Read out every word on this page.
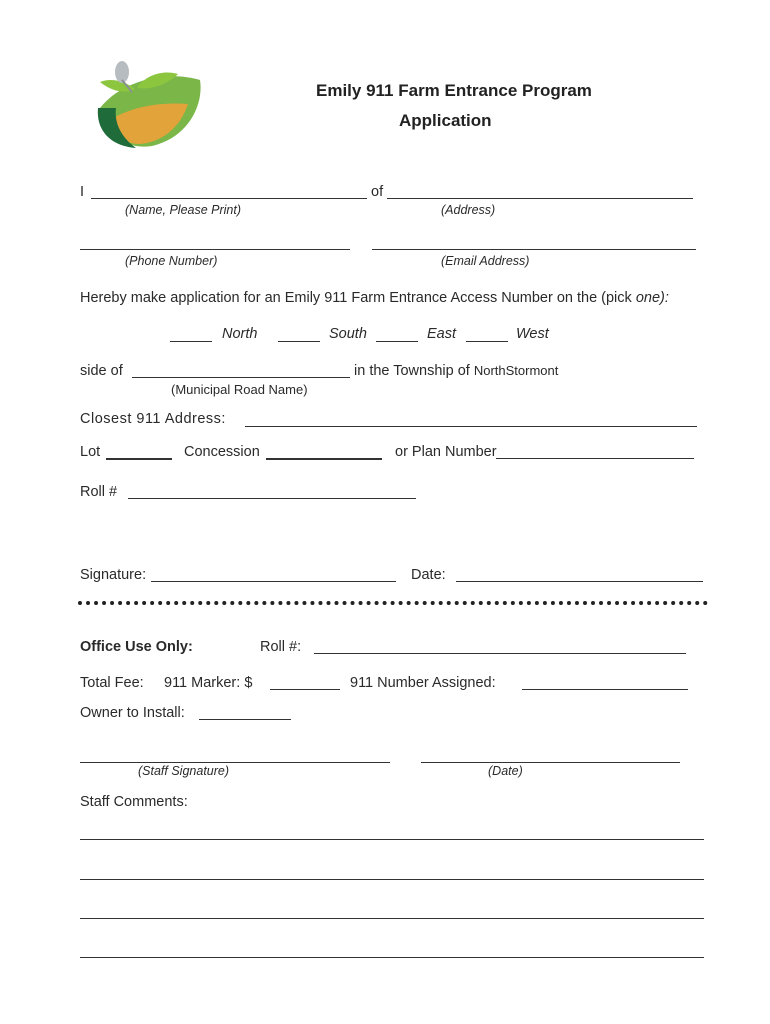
Emily 911 Farm Entrance Program
Application
I	of
(Name, Please Print)	(Address)
(Phone Number)	(Email Address)
Hereby make application for an Emily 911 Farm Entrance Access Number on the (pick one):
North	South	East	West
side of	in the Township of NorthStormont
(Municipal Road Name)
Closest 911 Address:
Lot	Concession	or Plan Number
Roll #
Signature:	Date:
Office Use Only:	Roll #:
Total Fee: 911 Marker: $	911 Number Assigned:
Owner to Install:
(Staff Signature)	(Date)
Staff Comments:
